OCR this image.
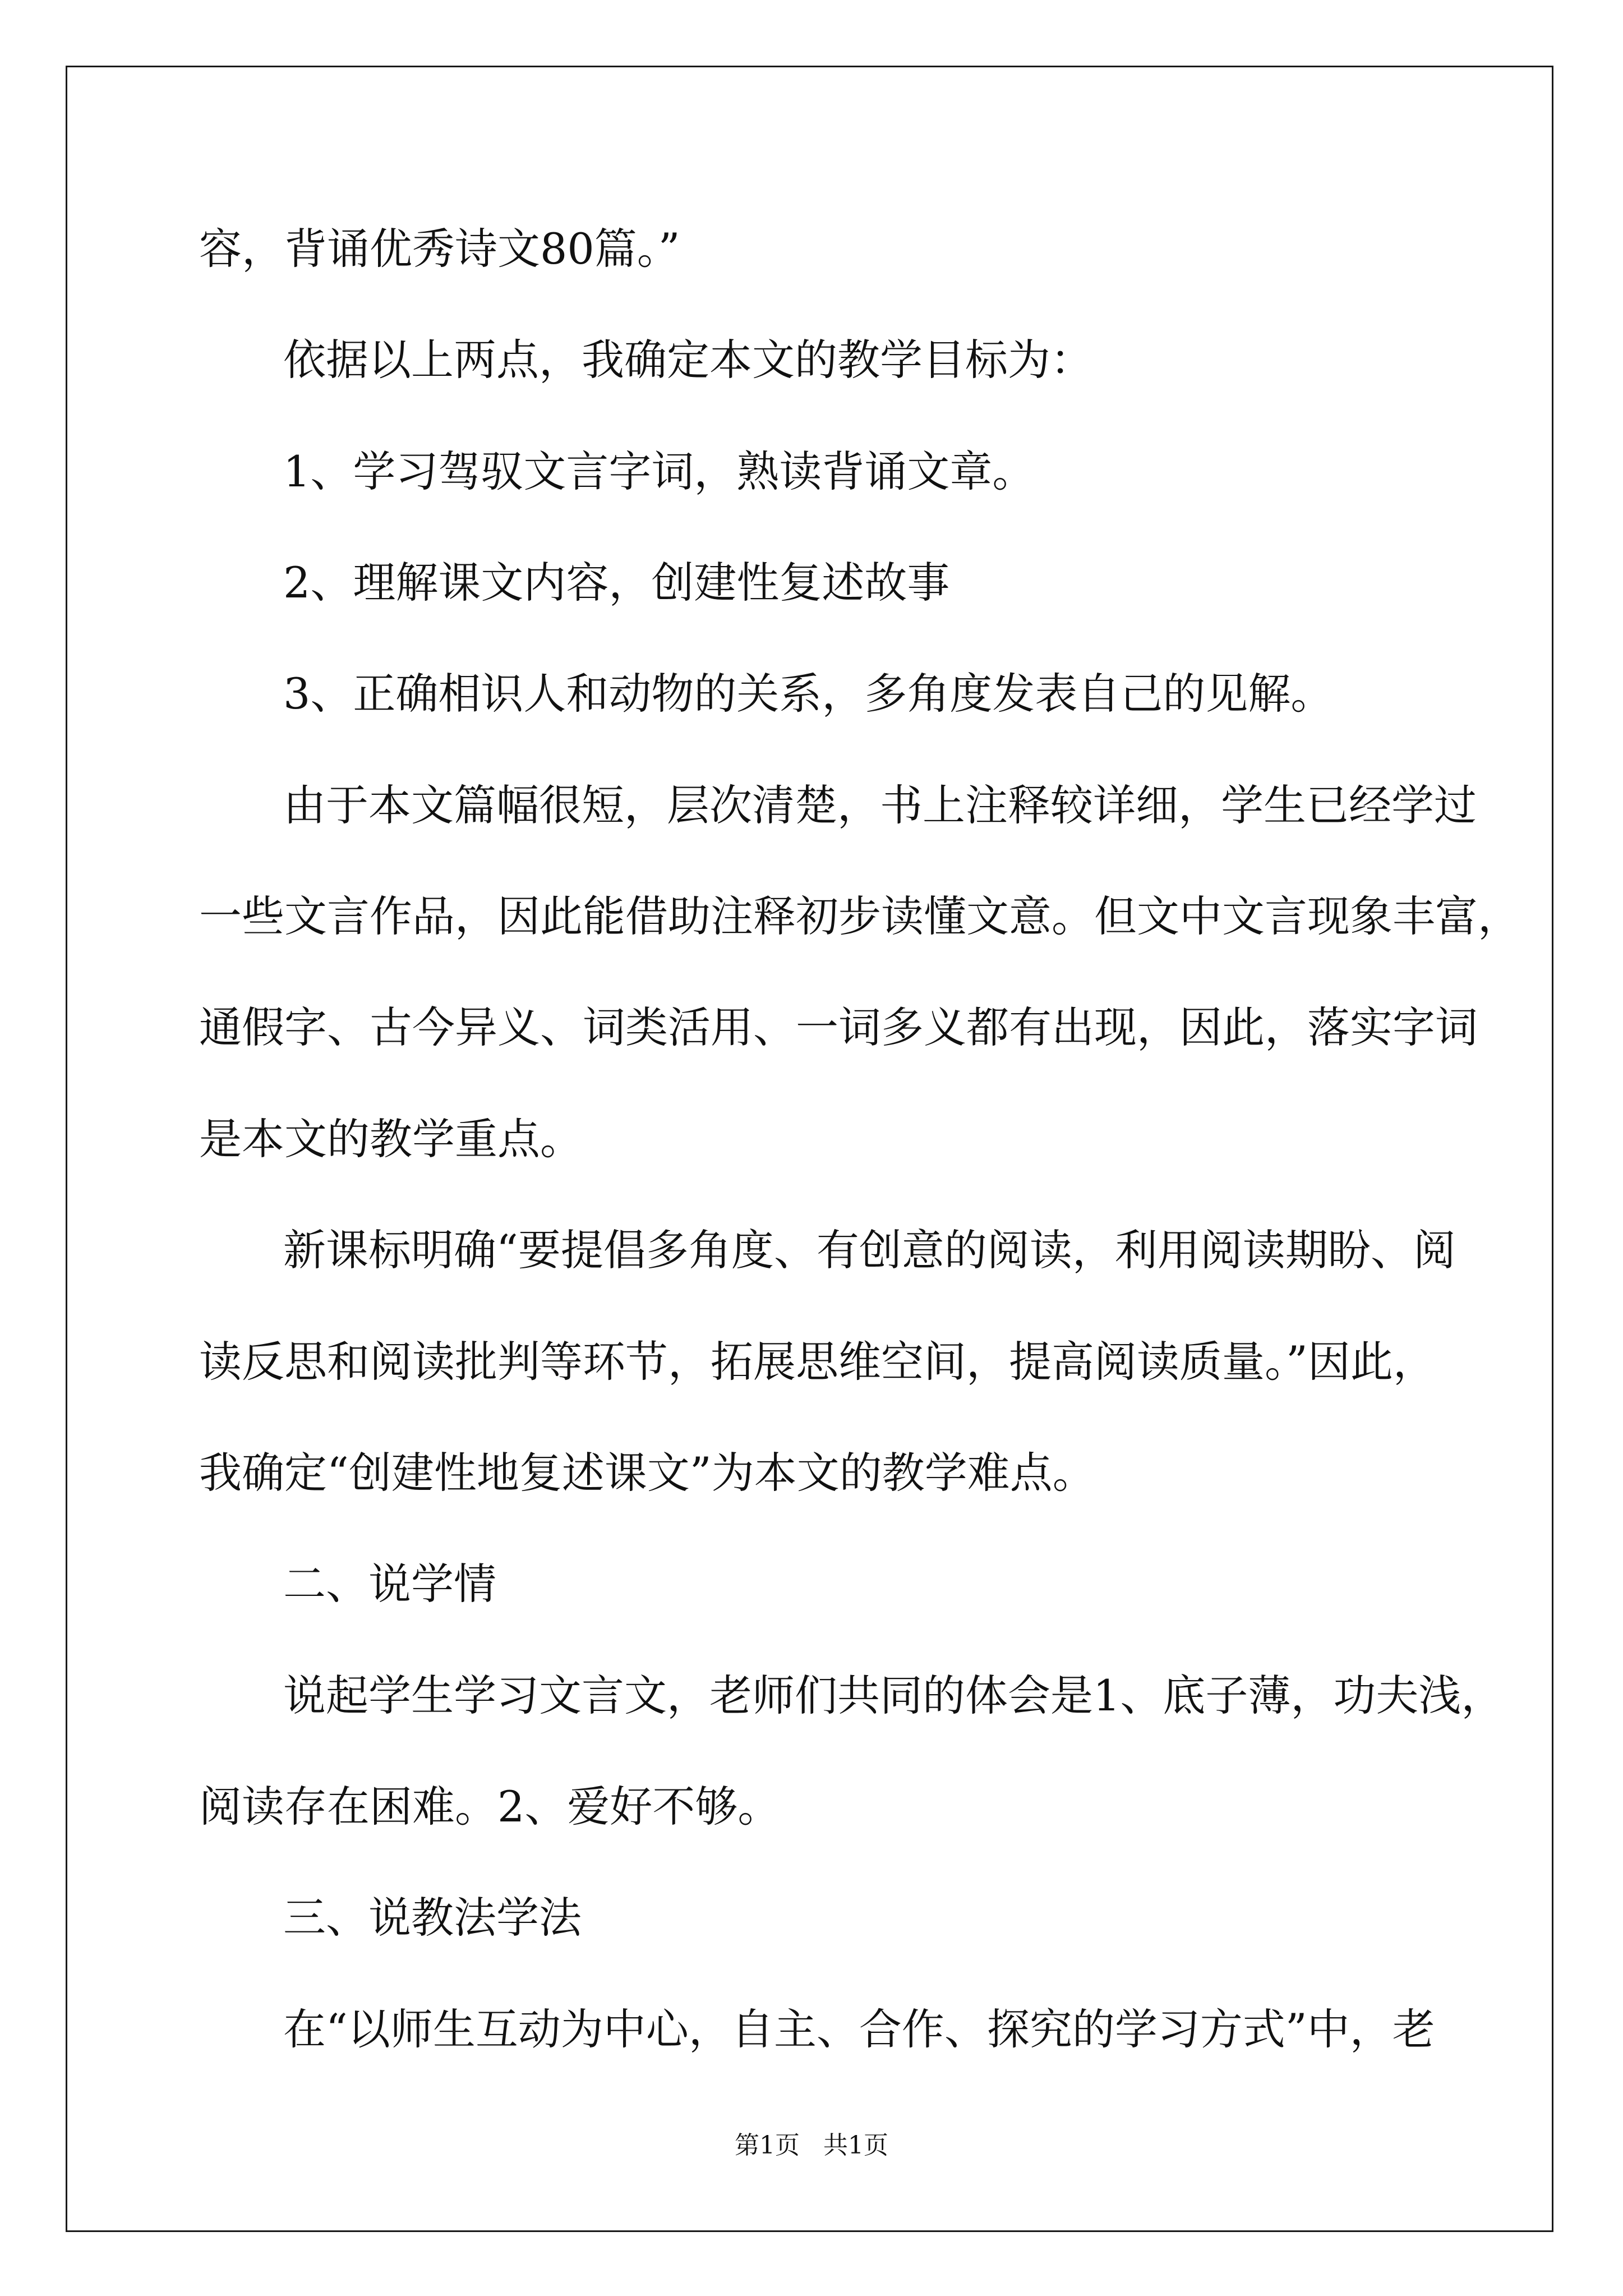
容，背诵优秀诗文80篇。”
依据以上两点，我确定本文的教学目标为：
1、学习驾驭文言字词，熟读背诵文章。
2、理解课文内容，创建性复述故事
3、正确相识人和动物的关系，多角度发表自己的见解。
由于本文篇幅很短，层次清楚，书上注释较详细，学生已经学过
一些文言作品，因此能借助注释初步读懂文意。但文中文言现象丰富，
通假字、古今异义、词类活用、一词多义都有出现，因此，落实字词
是本文的教学重点。
新课标明确“要提倡多角度、有创意的阅读，利用阅读期盼、阅
读反思和阅读批判等环节，拓展思维空间，提高阅读质量。”因此，
我确定“创建性地复述课文”为本文的教学难点。
二、说学情
说起学生学习文言文，老师们共同的体会是1、底子薄，功夫浅，
阅读存在困难。2、爱好不够。
三、说教法学法
在“以师生互动为中心，自主、合作、探究的学习方式”中，老
第1页   共1页
